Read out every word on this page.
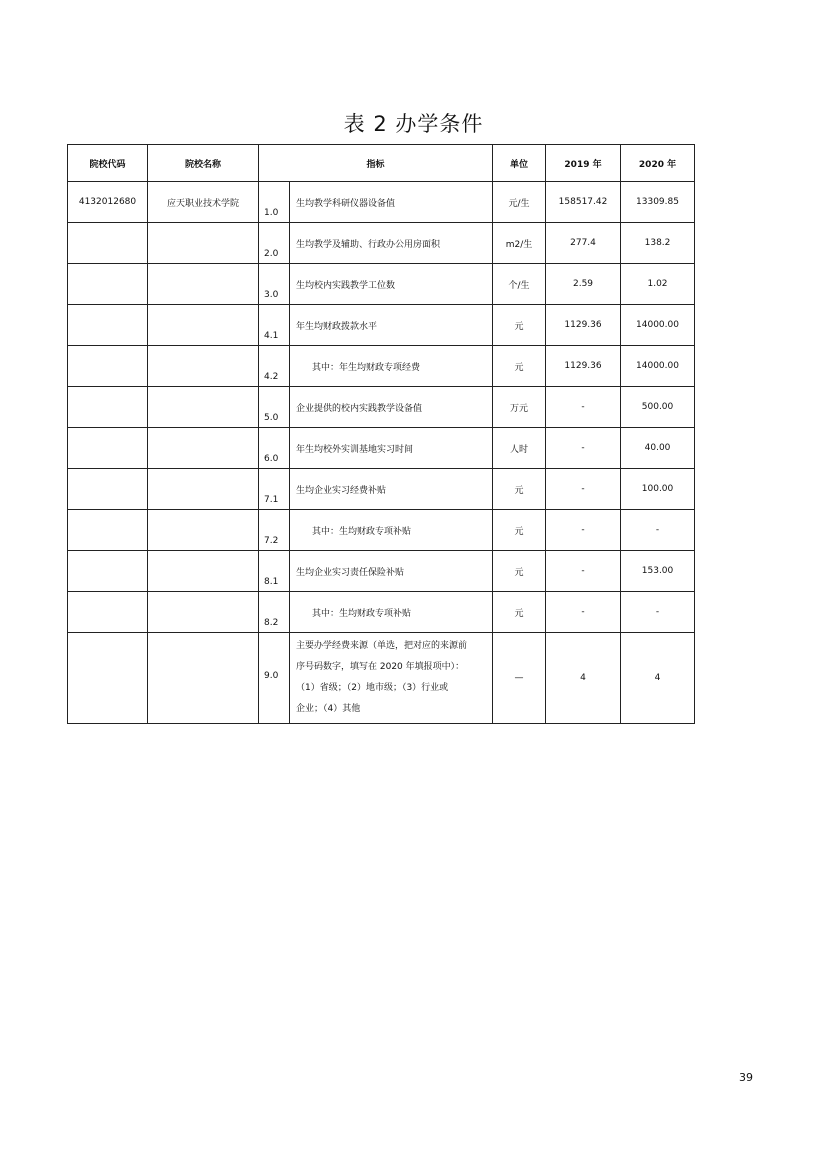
表 2 办学条件
院校代码	院校名称	指标		单位	2019 年	2020 年
4132012680	应天职业技术学院	1.0	生均教学科研仪器设备值	元/生	158517.42	13309.85
		2.0	生均教学及辅助、行政办公用房面积	m2/生	277.4	138.2
		3.0	生均校内实践教学工位数	个/生	2.59	1.02
		4.1	年生均财政拨款水平	元	1129.36	14000.00
		4.2	其中：年生均财政专项经费	元	1129.36	14000.00
		5.0	企业提供的校内实践教学设备值	万元	-	500.00
		6.0	年生均校外实训基地实习时间	人时	-	40.00
		7.1	生均企业实习经费补贴	元	-	100.00
		7.2	其中：生均财政专项补贴	元	-	-
		8.1	生均企业实习责任保险补贴	元	-	153.00
		8.2	其中：生均财政专项补贴	元	-	-
		9.0	主要办学经费来源（单选，把对应的来源前
序号码数字，填写在 2020 年填报项中）：
（1）省级；（2）地市级；（3）行业或
企业；（4）其他	—	4	4
39
